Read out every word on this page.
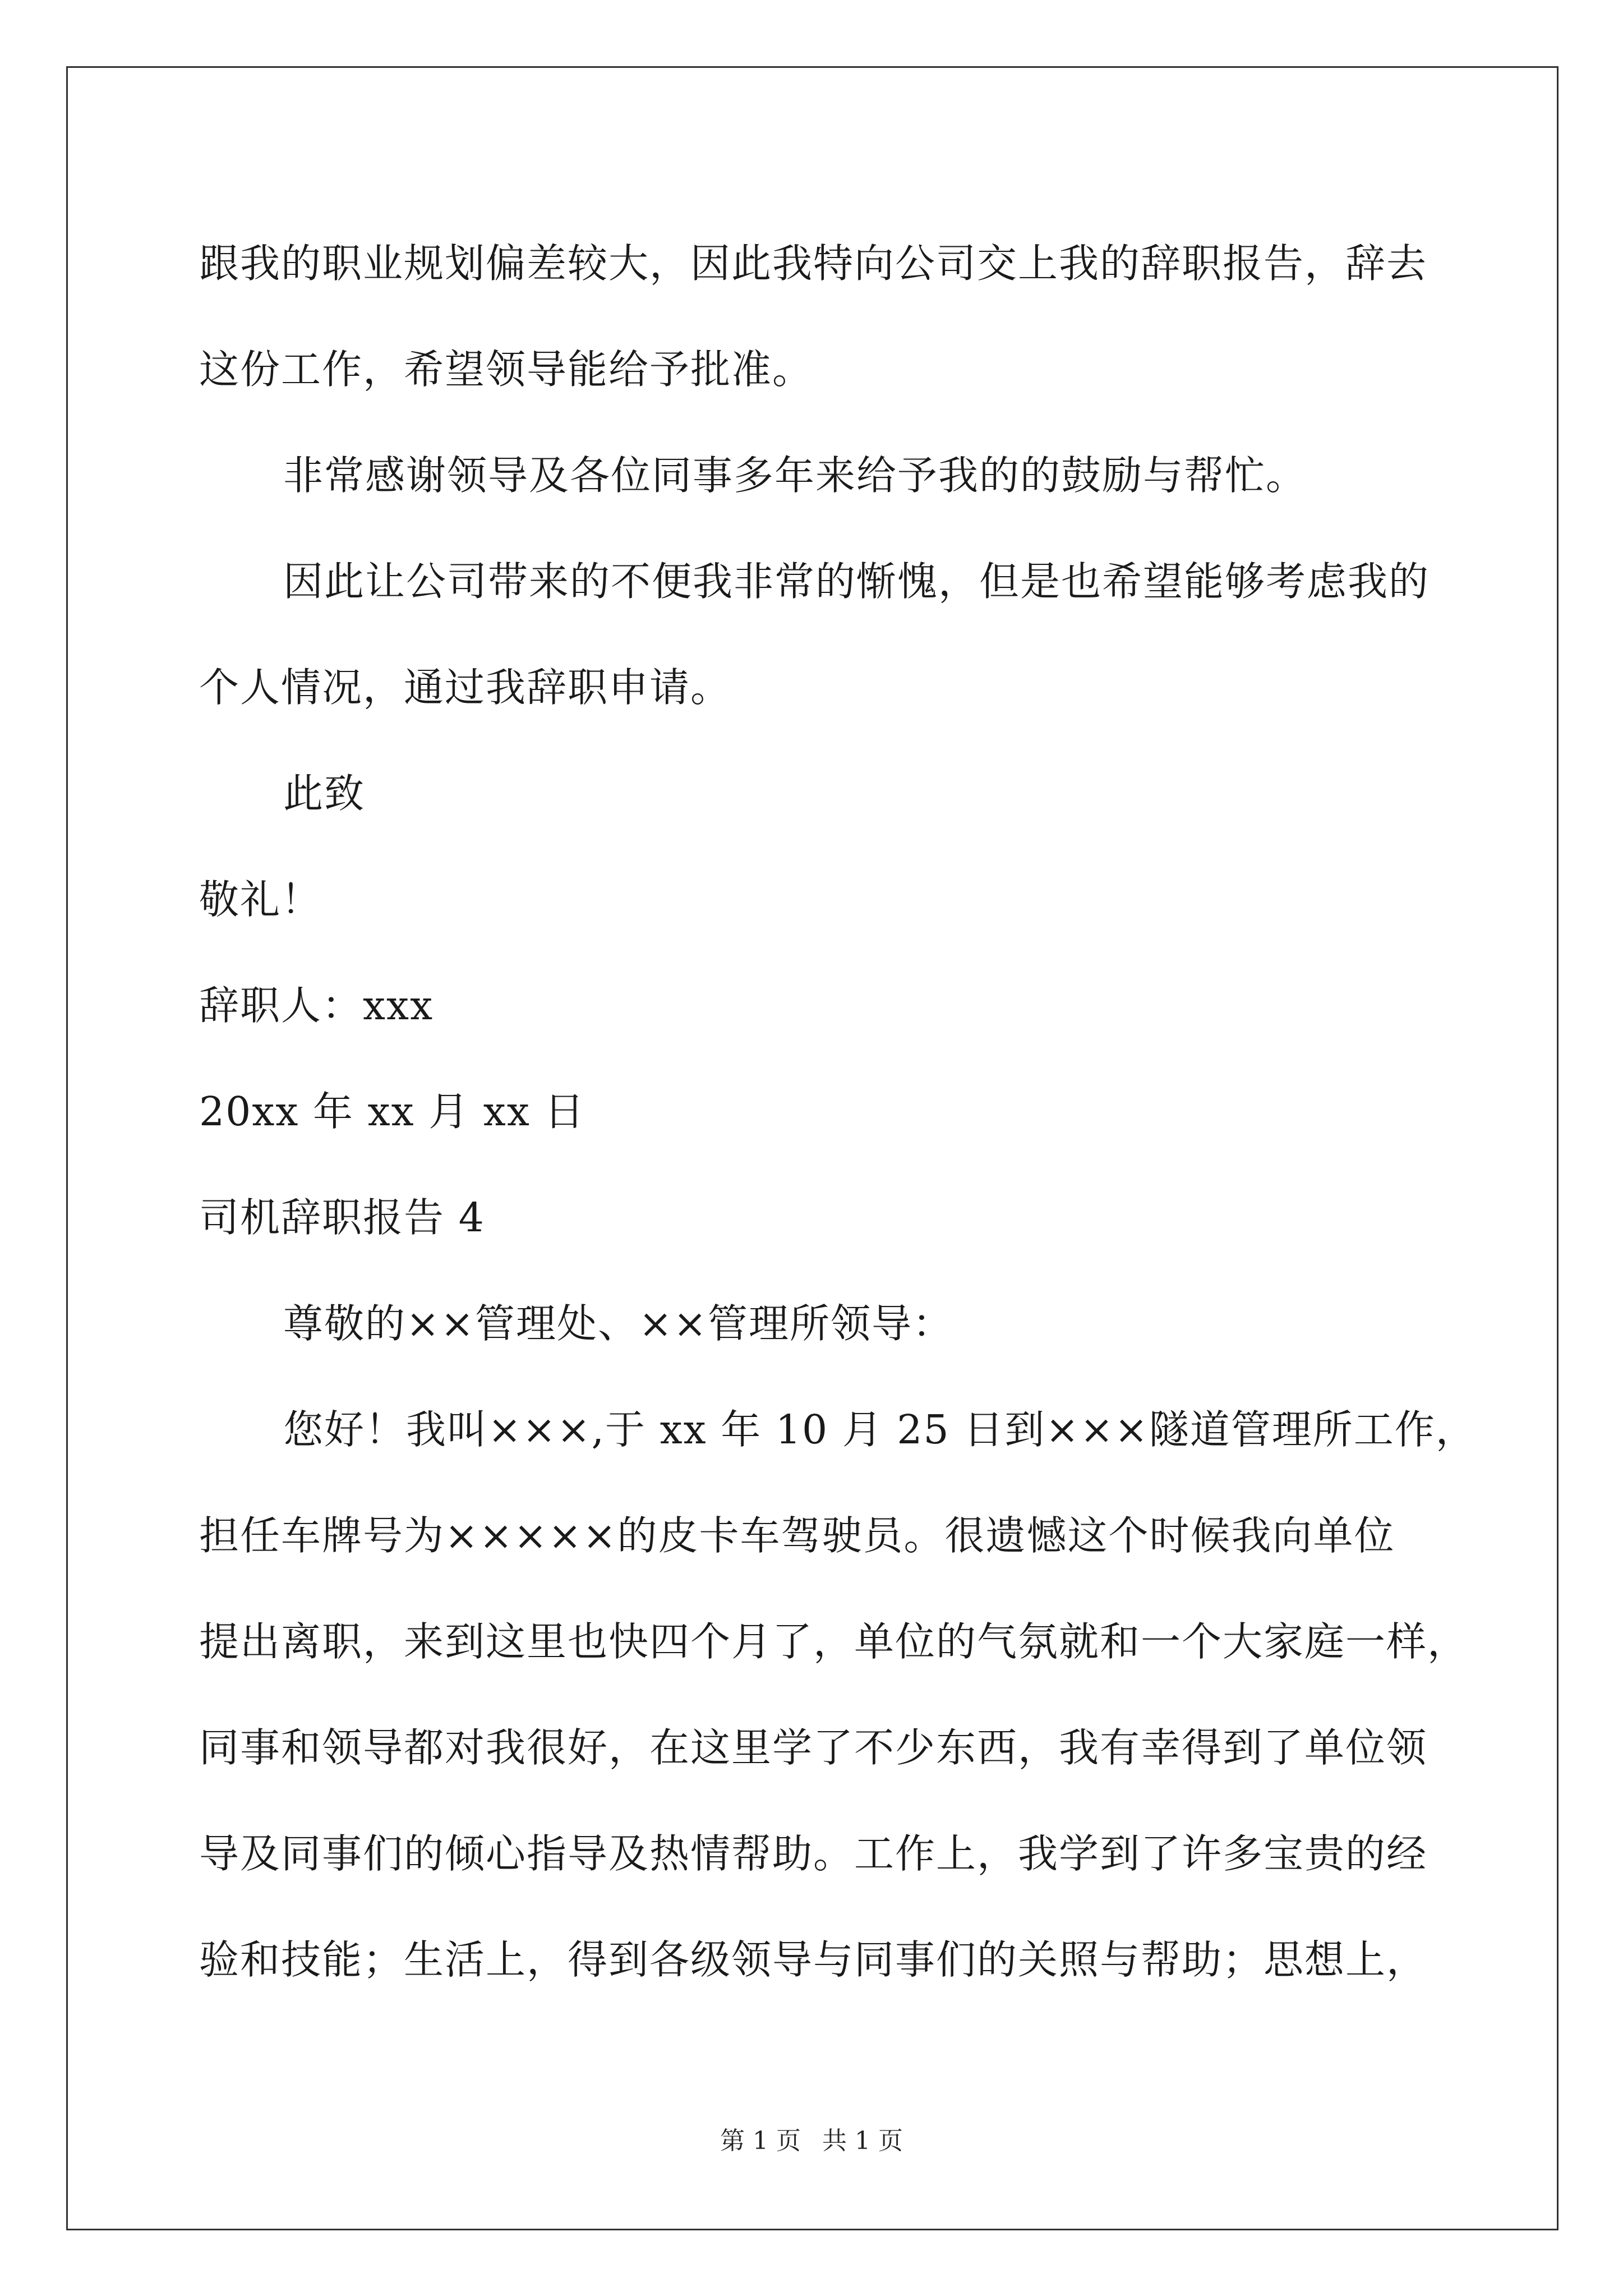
跟我的职业规划偏差较大，因此我特向公司交上我的辞职报告，辞去
这份工作，希望领导能给予批准。
非常感谢领导及各位同事多年来给予我的的鼓励与帮忙。
因此让公司带来的不便我非常的惭愧，但是也希望能够考虑我的
个人情况，通过我辞职申请。
此致
敬礼！
辞职人：xxx
20xx 年 xx 月 xx 日
司机辞职报告 4
尊敬的××管理处、××管理所领导：
您好！我叫×××,于 xx 年 10 月 25 日到×××隧道管理所工作，
担任车牌号为×××××的皮卡车驾驶员。很遗憾这个时候我向单位
提出离职，来到这里也快四个月了，单位的气氛就和一个大家庭一样，
同事和领导都对我很好，在这里学了不少东西，我有幸得到了单位领
导及同事们的倾心指导及热情帮助。工作上，我学到了许多宝贵的经
验和技能；生活上，得到各级领导与同事们的关照与帮助；思想上，
第 1 页 共 1 页
